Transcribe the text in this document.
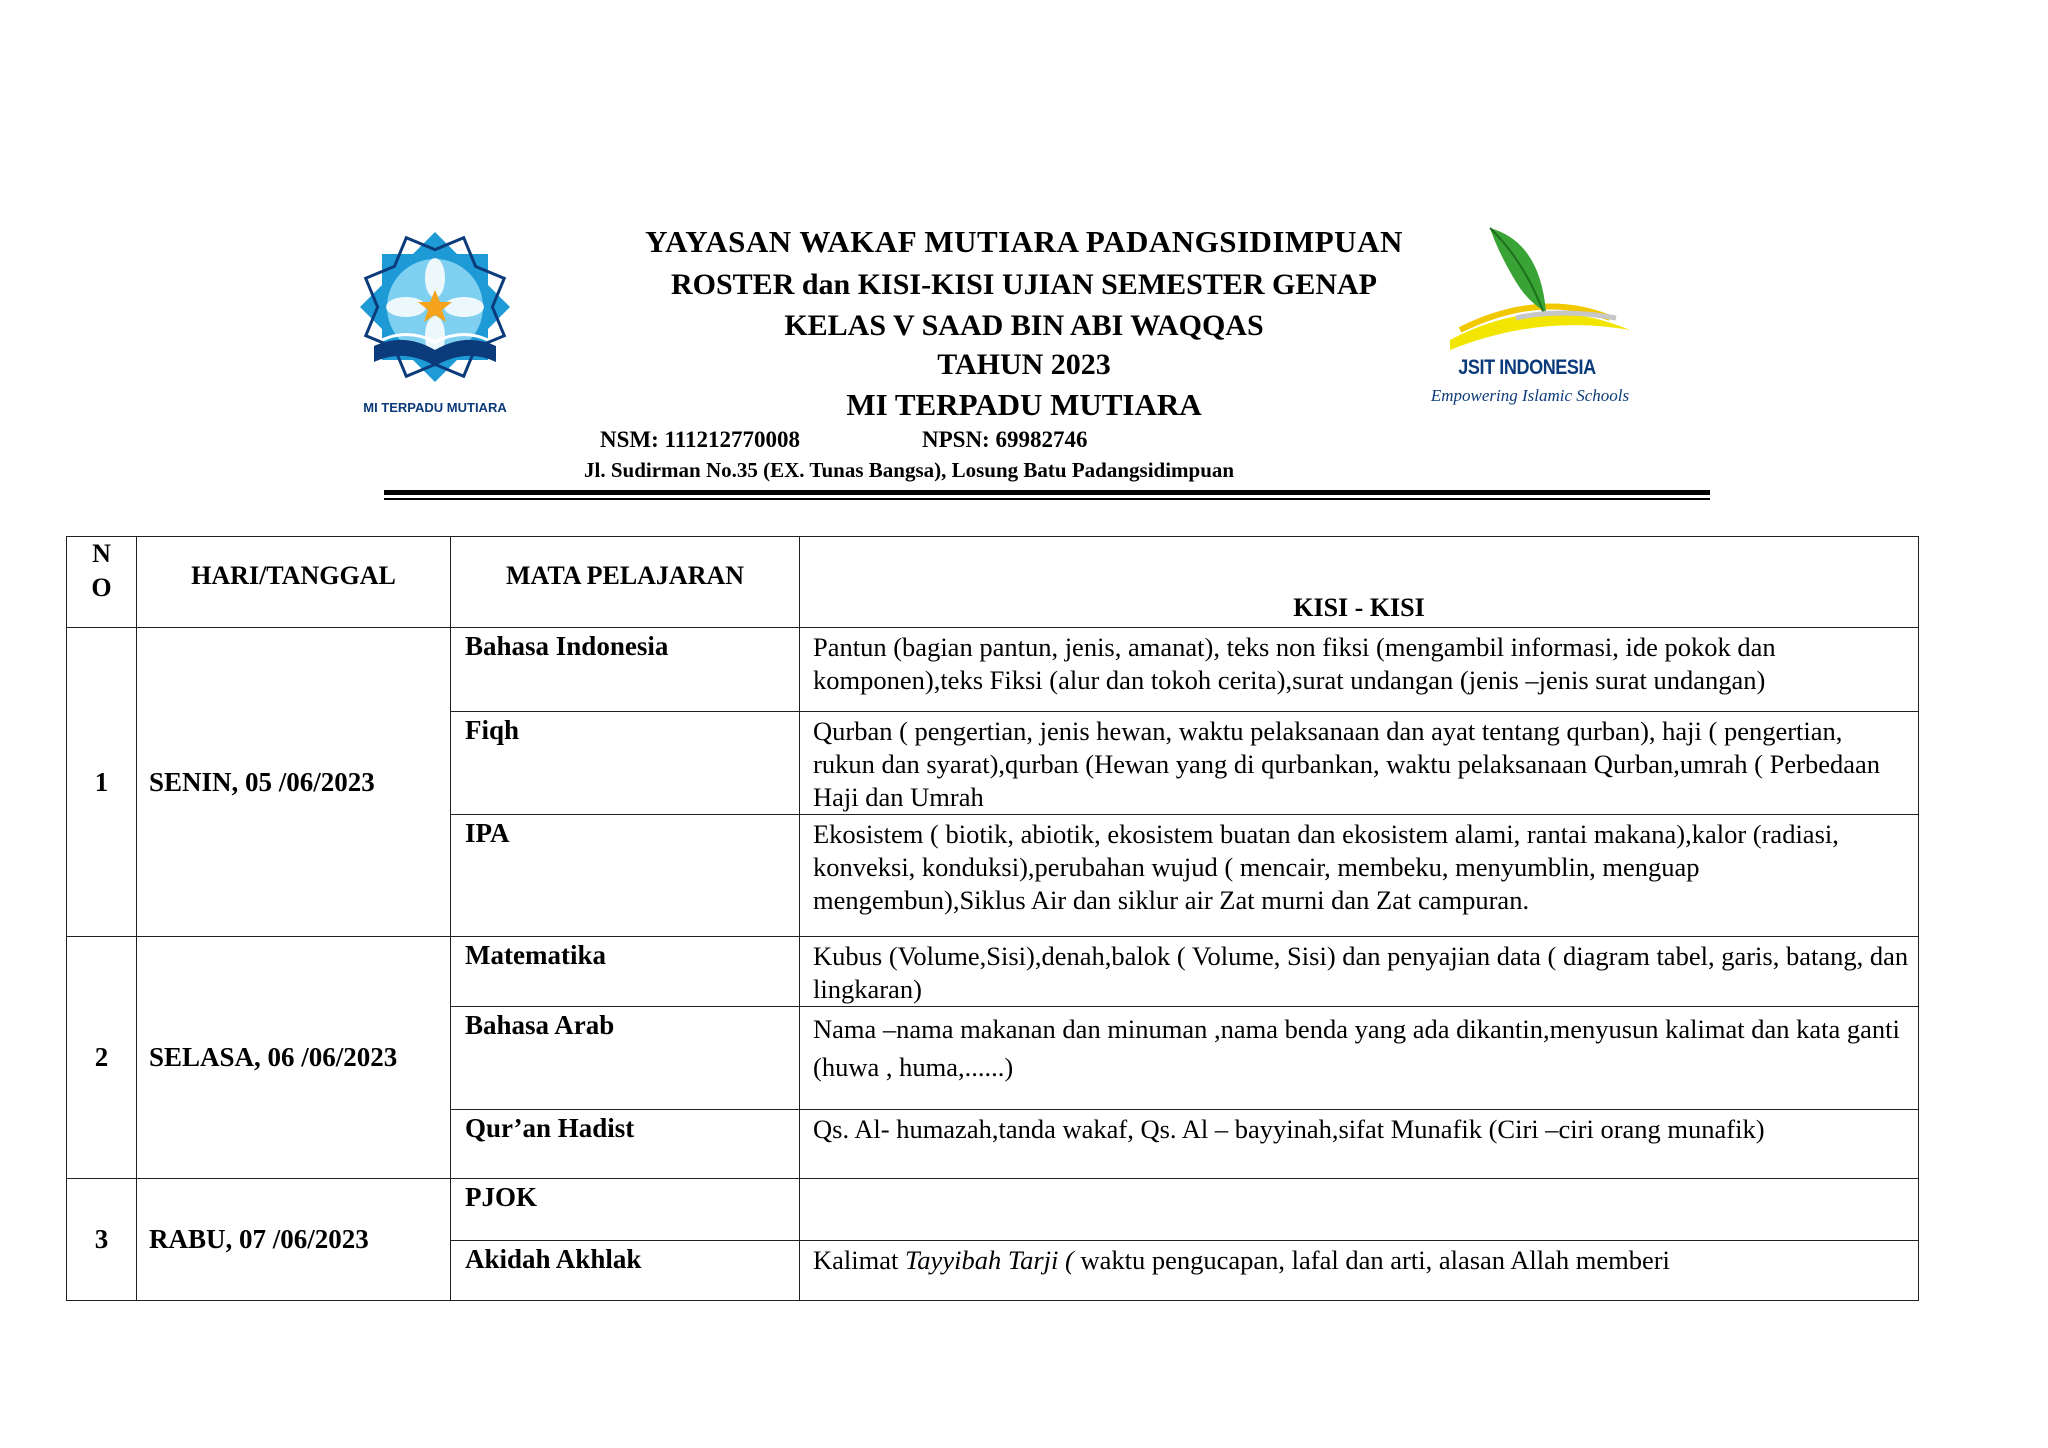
MI TERPADU MUTIARA
JSIT INDONESIA
Empowering Islamic Schools
YAYASAN WAKAF MUTIARA PADANGSIDIMPUAN
ROSTER dan KISI-KISI UJIAN SEMESTER GENAP
KELAS V SAAD BIN ABI WAQQAS
TAHUN 2023
MI TERPADU MUTIARA
NSM: 111212770008	NPSN: 69982746
Jl. Sudirman No.35 (EX. Tunas Bangsa), Losung Batu Padangsidimpuan
N
O	HARI/TANGGAL	MATA PELAJARAN	KISI - KISI
1	SENIN, 05 /06/2023	Bahasa Indonesia	Pantun (bagian pantun, jenis, amanat), teks non fiksi (mengambil informasi, ide pokok dan komponen),teks Fiksi (alur dan tokoh cerita),surat undangan (jenis –jenis surat undangan)
		Fiqh	Qurban ( pengertian, jenis hewan, waktu pelaksanaan dan ayat tentang qurban), haji ( pengertian, rukun dan syarat),qurban (Hewan yang di qurbankan, waktu pelaksanaan Qurban,umrah ( Perbedaan Haji dan Umrah
		IPA	Ekosistem ( biotik, abiotik, ekosistem buatan dan ekosistem alami, rantai makana),kalor (radiasi, konveksi, konduksi),perubahan wujud ( mencair, membeku, menyumblin, menguap mengembun),Siklus Air dan siklur air Zat murni dan Zat campuran.
2	SELASA, 06 /06/2023	Matematika	Kubus (Volume,Sisi),denah,balok ( Volume, Sisi) dan penyajian data ( diagram tabel, garis, batang, dan lingkaran)
		Bahasa Arab	Nama –nama makanan dan minuman ,nama benda yang ada dikantin,menyusun kalimat dan kata ganti (huwa , huma,......)
		Qur’an Hadist	Qs. Al- humazah,tanda wakaf, Qs. Al – bayyinah,sifat Munafik (Ciri –ciri orang munafik)
3	RABU, 07 /06/2023	PJOK	
		Akidah Akhlak	Kalimat Tayyibah Tarji ( waktu pengucapan, lafal dan arti, alasan Allah memberi
